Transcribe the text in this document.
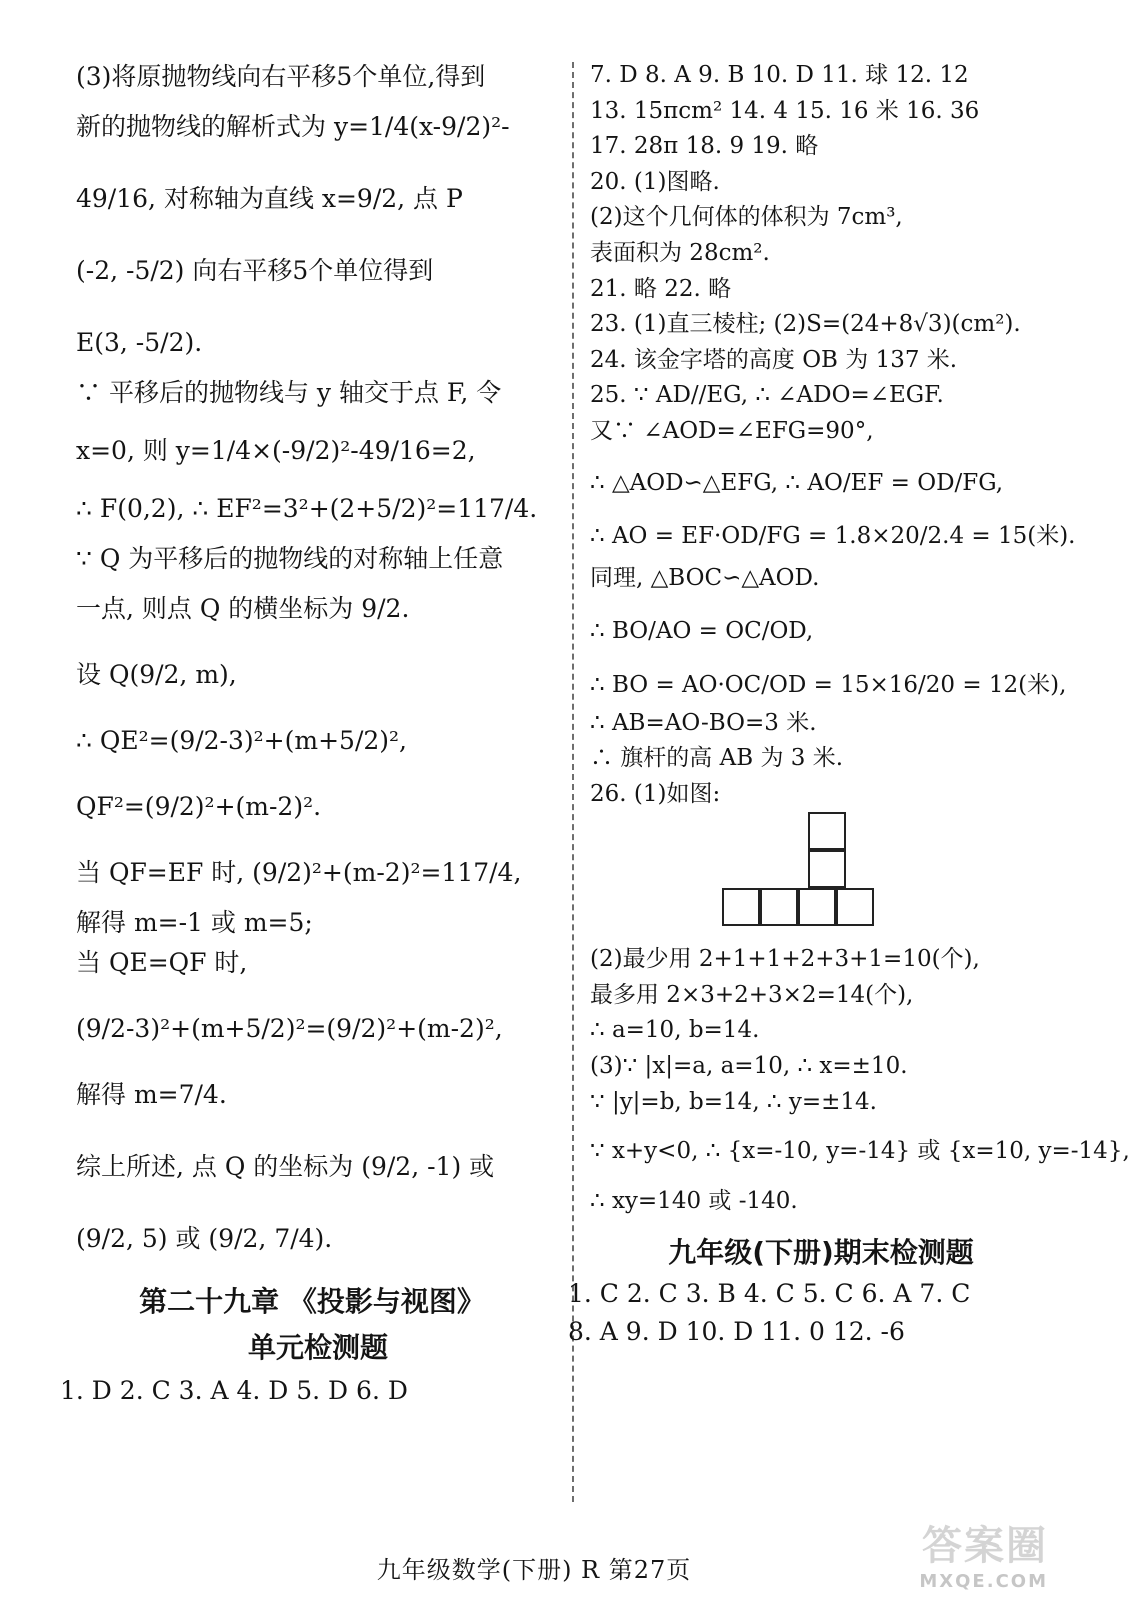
(3)将原抛物线向右平移5个单位,得到

新的抛物线的解析式为 y=1/4(x-9/2)²-

49/16, 对称轴为直线 x=9/2, 点 P

(-2, -5/2) 向右平移5个单位得到

E(3, -5/2).

∵ 平移后的抛物线与 y 轴交于点 F, 令

x=0, 则 y=1/4×(-9/2)²-49/16=2,

∴ F(0,2), ∴ EF²=3²+(2+5/2)²=117/4.

∵ Q 为平移后的抛物线的对称轴上任意

一点, 则点 Q 的横坐标为 9/2.

设 Q(9/2, m),

∴ QE²=(9/2-3)²+(m+5/2)²,

QF²=(9/2)²+(m-2)².

当 QF=EF 时, (9/2)²+(m-2)²=117/4,

解得 m=-1 或 m=5;

当 QE=QF 时,

(9/2-3)²+(m+5/2)²=(9/2)²+(m-2)²,

解得 m=7/4.

综上所述, 点 Q 的坐标为 (9/2, -1) 或

(9/2, 5) 或 (9/2, 7/4).

第二十九章 《投影与视图》

单元检测题

1. D 2. C 3. A 4. D 5. D 6. D

7. D 8. A 9. B 10. D 11. 球 12. 12

13. 15πcm² 14. 4 15. 16 米 16. 36

17. 28π 18. 9 19. 略

20. (1)图略.

(2)这个几何体的体积为 7cm³,

表面积为 28cm².

21. 略 22. 略

23. (1)直三棱柱; (2)S=(24+8√3)(cm²).

24. 该金字塔的高度 OB 为 137 米.

25. ∵ AD//EG, ∴ ∠ADO=∠EGF.

又∵ ∠AOD=∠EFG=90°,

∴ △AOD∽△EFG, ∴ AO/EF = OD/FG,

∴ AO = EF·OD/FG = 1.8×20/2.4 = 15(米).

同理, △BOC∽△AOD.

∴ BO/AO = OC/OD,

∴ BO = AO·OC/OD = 15×16/20 = 12(米),

∴ AB=AO-BO=3 米.

∴ 旗杆的高 AB 为 3 米.

26. (1)如图:

(2)最少用 2+1+1+2+3+1=10(个),

最多用 2×3+2+3×2=14(个),

∴ a=10, b=14.

(3)∵ |x|=a, a=10, ∴ x=±10.

∵ |y|=b, b=14, ∴ y=±14.

∵ x+y<0, ∴ {x=-10, y=-14} 或 {x=10, y=-14},

∴ xy=140 或 -140.

九年级(下册)期末检测题

1. C 2. C 3. B 4. C 5. C 6. A 7. C

8. A 9. D 10. D 11. 0 12. -6

九年级数学(下册) R 第27页
答案圈
MXQE.COM
